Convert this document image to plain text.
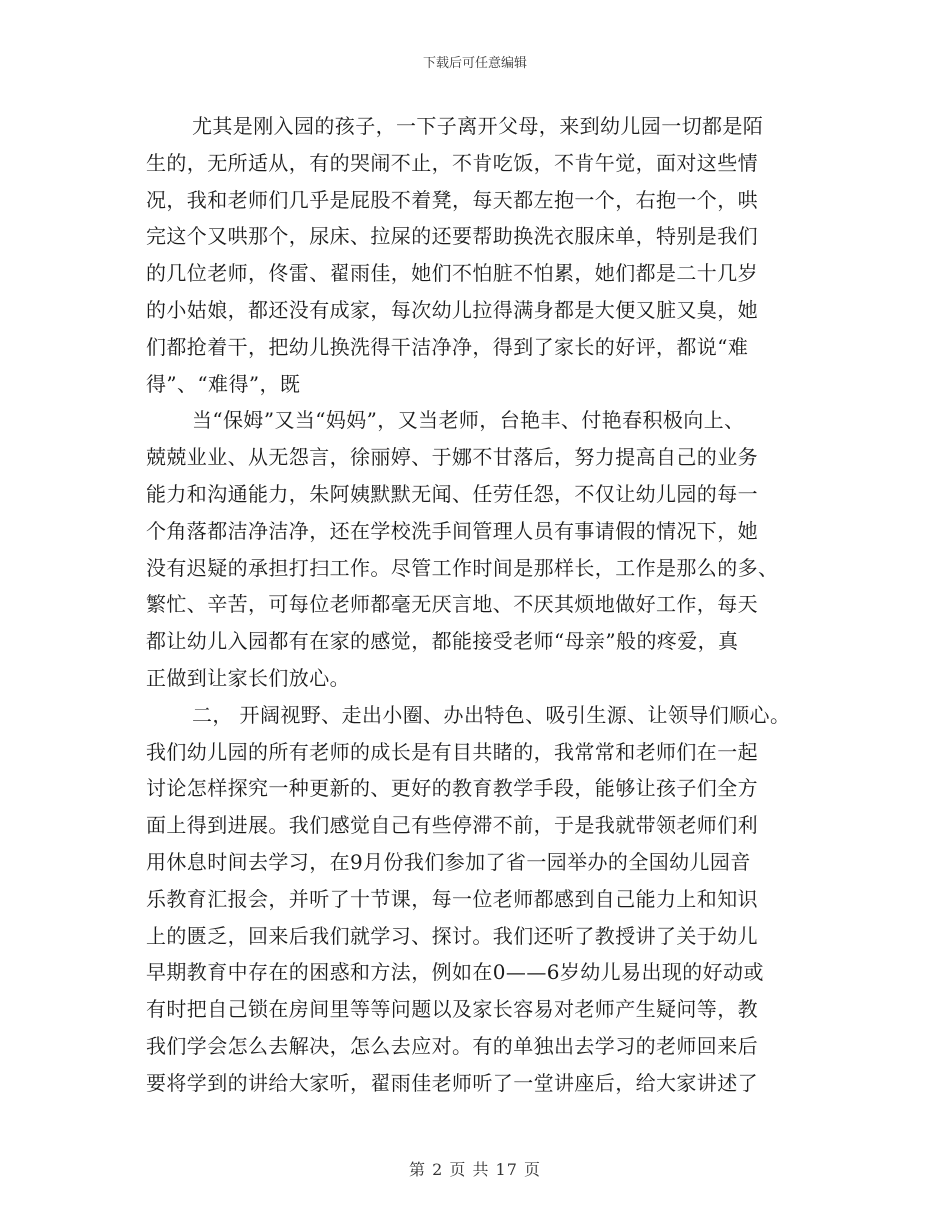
下载后可任意编辑
尤其是刚入园的孩子，一下子离开父母，来到幼儿园一切都是陌
生的，无所适从，有的哭闹不止，不肯吃饭，不肯午觉，面对这些情
况，我和老师们几乎是屁股不着凳，每天都左抱一个，右抱一个，哄
完这个又哄那个，尿床、拉屎的还要帮助换洗衣服床单，特别是我们
的几位老师，佟雷、翟雨佳，她们不怕脏不怕累，她们都是二十几岁
的小姑娘，都还没有成家，每次幼儿拉得满身都是大便又脏又臭，她
们都抢着干，把幼儿换洗得干洁净净，得到了家长的好评，都说“难
得”、“难得”，既
当“保姆”又当“妈妈”，又当老师，台艳丰、付艳春积极向上、
兢兢业业、从无怨言，徐丽婷、于娜不甘落后，努力提高自己的业务
能力和沟通能力，朱阿姨默默无闻、任劳任怨，不仅让幼儿园的每一
个角落都洁净洁净，还在学校洗手间管理人员有事请假的情况下，她
没有迟疑的承担打扫工作。尽管工作时间是那样长，工作是那么的多、
繁忙、辛苦，可每位老师都毫无厌言地、不厌其烦地做好工作，每天
都让幼儿入园都有在家的感觉，都能接受老师“母亲”般的疼爱，真
正做到让家长们放心。
二， 开阔视野、走出小圈、办出特色、吸引生源、让领导们顺心。
我们幼儿园的所有老师的成长是有目共睹的，我常常和老师们在一起
讨论怎样探究一种更新的、更好的教育教学手段，能够让孩子们全方
面上得到进展。我们感觉自己有些停滞不前，于是我就带领老师们利
用休息时间去学习，在9月份我们参加了省一园举办的全国幼儿园音
乐教育汇报会，并听了十节课，每一位老师都感到自己能力上和知识
上的匮乏，回来后我们就学习、探讨。我们还听了教授讲了关于幼儿
早期教育中存在的困惑和方法，例如在0——6岁幼儿易出现的好动或
有时把自己锁在房间里等等问题以及家长容易对老师产生疑问等，教
我们学会怎么去解决，怎么去应对。有的单独出去学习的老师回来后
要将学到的讲给大家听，翟雨佳老师听了一堂讲座后，给大家讲述了
第 2 页 共 17 页
